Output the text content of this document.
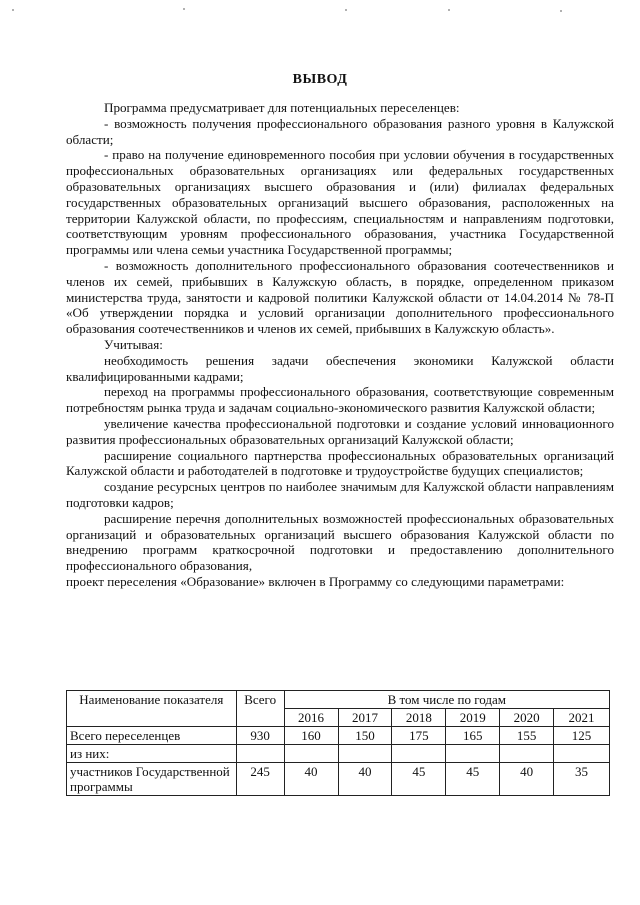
ВЫВОД

Программа предусматривает для потенциальных переселенцев:

- возможность получения профессионального образования разного уровня в Калужской области;

- право на получение единовременного пособия при условии обучения в государственных профессиональных образовательных организациях или федеральных государственных образовательных организациях высшего образования и (или) филиалах федеральных государственных образовательных организаций высшего образования, расположенных на территории Калужской области, по профессиям, специальностям и направлениям подготовки, соответствующим уровням профессионального образования, участника Государственной программы или члена семьи участника Государственной программы;

- возможность дополнительного профессионального образования соотечественников и членов их семей, прибывших в Калужскую область, в порядке, определенном приказом министерства труда, занятости и кадровой политики Калужской области от 14.04.2014 № 78-П «Об утверждении порядка и условий организации дополнительного профессионального образования соотечественников и членов их семей, прибывших в Калужскую область».

Учитывая:

необходимость решения задачи обеспечения экономики Калужской области квалифицированными кадрами;

переход на программы профессионального образования, соответствующие современным потребностям рынка труда и задачам социально-экономического развития Калужской области;

увеличение качества профессиональной подготовки и создание условий инновационного развития профессиональных образовательных организаций Калужской области;

расширение социального партнерства профессиональных образовательных организаций Калужской области и работодателей в подготовке и трудоустройстве будущих специалистов;

создание ресурсных центров по наиболее значимым для Калужской области направлениям подготовки кадров;

расширение перечня дополнительных возможностей профессиональных образовательных организаций и образовательных организаций высшего образования Калужской области по внедрению программ краткосрочной подготовки и предоставлению дополнительного профессионального образования,

проект переселения «Образование» включен в Программу со следующими параметрами:

Наименование показателя	Всего	В том числе по годам					
		2016	2017	2018	2019	2020	2021
Всего переселенцев	930	160	150	175	165	155	125
из них:							
участников Государственной программы	245	40	40	45	45	40	35
